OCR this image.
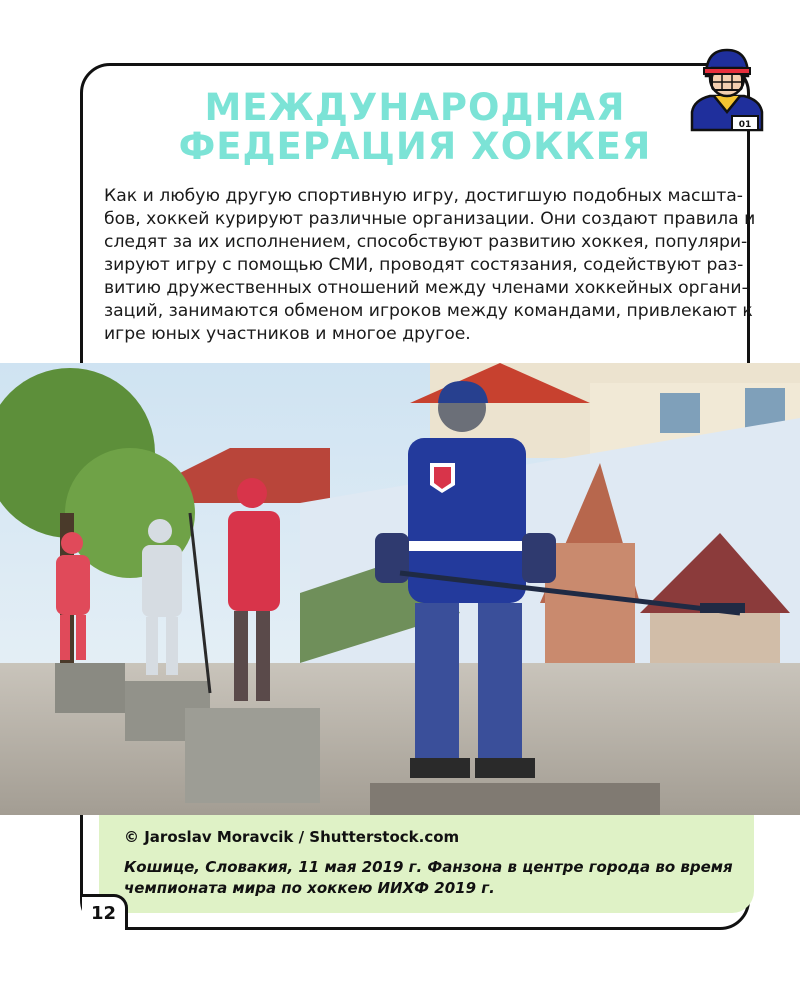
МЕЖДУНАРОДНАЯ
ФЕДЕРАЦИЯ ХОККЕЯ	01
Как и любую другую спортивную игру, достигшую подобных масшта-
бов, хоккей курируют различные организации. Они создают правила и
следят за их исполнением, способствуют развитию хоккея, популяри-
зируют игру с помощью СМИ, проводят состязания, содействуют раз-
витию дружественных отношений между членами хоккейных органи-
заций, занимаются обменом игроков между командами, привлекают к
игре юных участников и многое другое.
© Jaroslav Moravcik / Shutterstock.com
Кошице, Словакия, 11 мая 2019 г. Фанзона в центре города во время
чемпионата мира по хоккею ИИХФ 2019 г.
12
